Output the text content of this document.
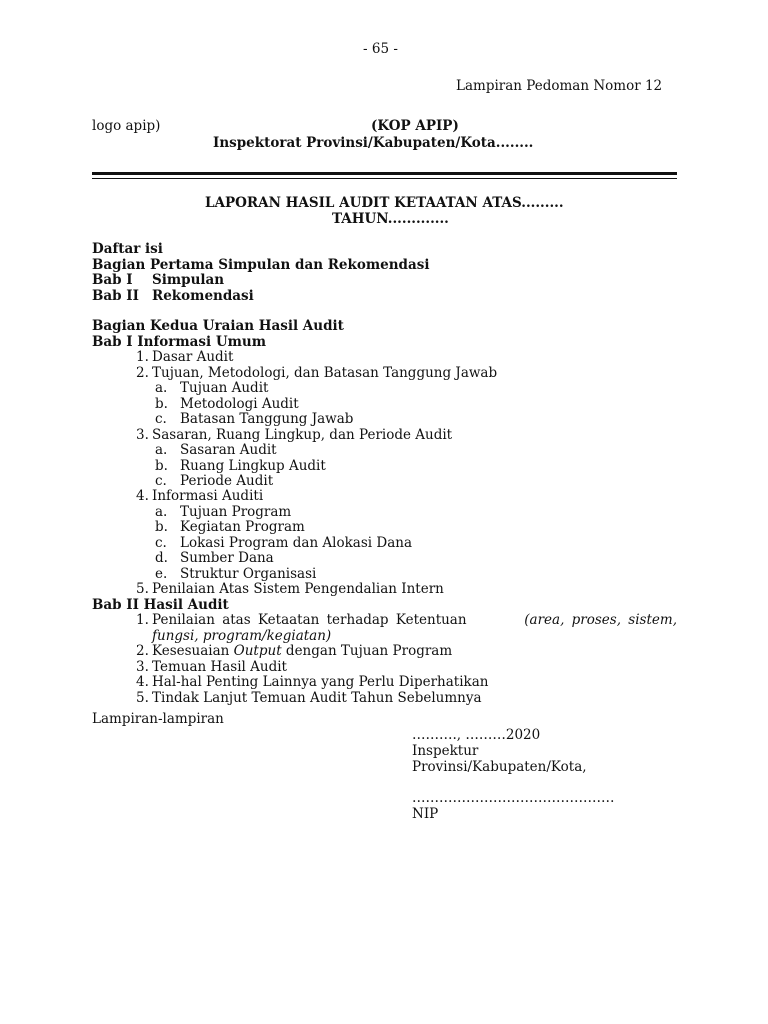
- 65 -
Lampiran Pedoman Nomor 12
logo apip)	(KOP APIP)
Inspektorat Provinsi/Kabupaten/Kota........
LAPORAN HASIL AUDIT KETAATAN ATAS.........
TAHUN.............
Daftar isi
Bagian Pertama Simpulan dan Rekomendasi
Bab I Simpulan
Bab II Rekomendasi
Bagian Kedua Uraian Hasil Audit
Bab I Informasi Umum
1. Dasar Audit
2. Tujuan, Metodologi, dan Batasan Tanggung Jawab
a. Tujuan Audit
b. Metodologi Audit
c. Batasan Tanggung Jawab
3. Sasaran, Ruang Lingkup, dan Periode Audit
a. Sasaran Audit
b. Ruang Lingkup Audit
c. Periode Audit
4. Informasi Auditi
a. Tujuan Program
b. Kegiatan Program
c. Lokasi Program dan Alokasi Dana
d. Sumber Dana
e. Struktur Organisasi
5. Penilaian Atas Sistem Pengendalian Intern
Bab II Hasil Audit
1. Penilaian atas Ketaatan terhadap Ketentuan	(area, proses, sistem,
fungsi, program/kegiatan)
2. Kesesuaian Output dengan Tujuan Program
3. Temuan Hasil Audit
4. Hal-hal Penting Lainnya yang Perlu Diperhatikan
5. Tindak Lanjut Temuan Audit Tahun Sebelumnya
Lampiran-lampiran
………., ………2020
Inspektur
Provinsi/Kabupaten/Kota,
………………………………………
NIP
